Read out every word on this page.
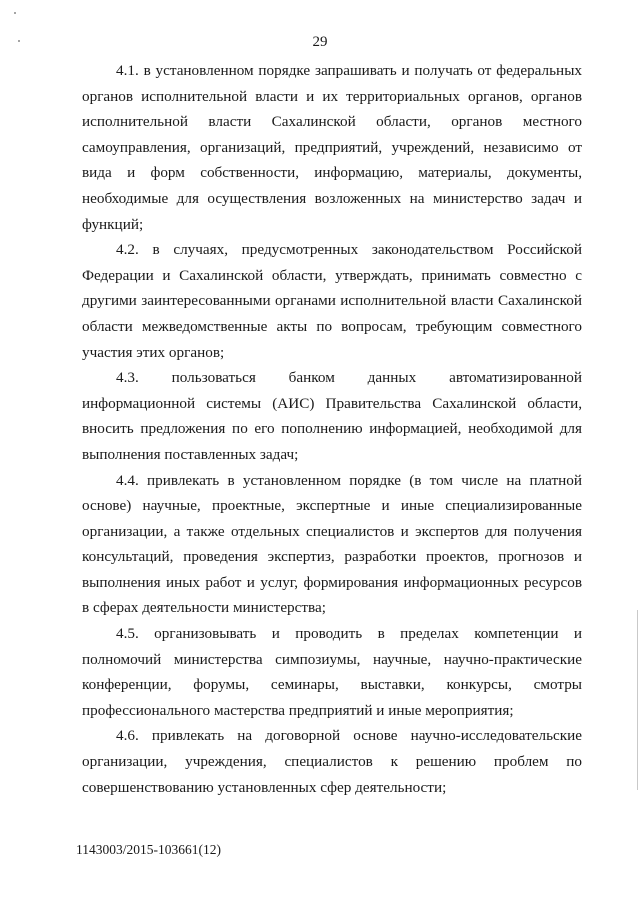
29

4.1. в установленном порядке запрашивать и получать от федеральных органов исполнительной власти и их территориальных органов, органов исполнительной власти Сахалинской области, органов местного самоуправления, организаций, предприятий, учреждений, независимо от вида и форм собственности, информацию, материалы, документы, необходимые для осуществления возложенных на министерство задач и функций;

4.2. в случаях, предусмотренных законодательством Российской Федерации и Сахалинской области, утверждать, принимать совместно с другими заинтересованными органами исполнительной власти Сахалинской области межведомственные акты по вопросам, требующим совместного участия этих органов;

4.3. пользоваться банком данных автоматизированной информационной системы (АИС) Правительства Сахалинской области, вносить предложения по его пополнению информацией, необходимой для выполнения поставленных задач;

4.4. привлекать в установленном порядке (в том числе на платной основе) научные, проектные, экспертные и иные специализированные организации, а также отдельных специалистов и экспертов для получения консультаций, проведения экспертиз, разработки проектов, прогнозов и выполнения иных работ и услуг, формирования информационных ресурсов в сферах деятельности министерства;

4.5. организовывать и проводить в пределах компетенции и полномочий министерства симпозиумы, научные, научно-практические конференции, форумы, семинары, выставки, конкурсы, смотры профессионального мастерства предприятий и иные мероприятия;

4.6. привлекать на договорной основе научно-исследовательские организации, учреждения, специалистов к решению проблем по совершенствованию установленных сфер деятельности;

1143003/2015-103661(12)
